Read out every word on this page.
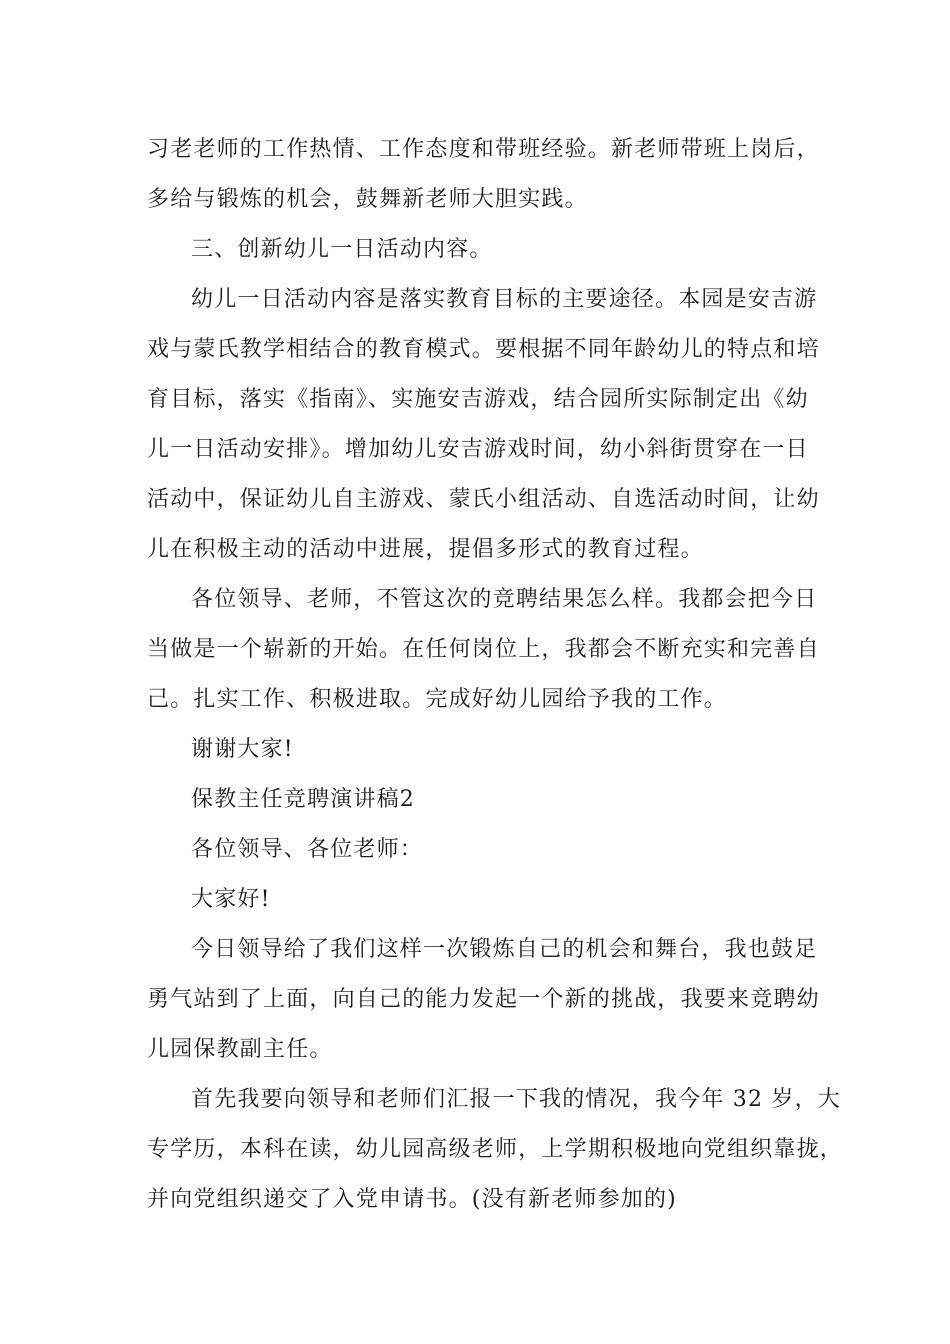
习老老师的工作热情、工作态度和带班经验。新老师带班上岗后，
多给与锻炼的机会，鼓舞新老师大胆实践。
三、创新幼儿一日活动内容。
幼儿一日活动内容是落实教育目标的主要途径。本园是安吉游
戏与蒙氏教学相结合的教育模式。要根据不同年龄幼儿的特点和培
育目标，落实《指南》、实施安吉游戏，结合园所实际制定出《幼
儿一日活动安排》。增加幼儿安吉游戏时间，幼小斜街贯穿在一日
活动中，保证幼儿自主游戏、蒙氏小组活动、自选活动时间，让幼
儿在积极主动的活动中进展，提倡多形式的教育过程。
各位领导、老师，不管这次的竞聘结果怎么样。我都会把今日
当做是一个崭新的开始。在任何岗位上，我都会不断充实和完善自
己。扎实工作、积极进取。完成好幼儿园给予我的工作。
谢谢大家!
保教主任竞聘演讲稿2
各位领导、各位老师：
大家好!
今日领导给了我们这样一次锻炼自己的机会和舞台，我也鼓足
勇气站到了上面，向自己的能力发起一个新的挑战，我要来竞聘幼
儿园保教副主任。
首先我要向领导和老师们汇报一下我的情况，我今年 32 岁，大
专学历，本科在读，幼儿园高级老师，上学期积极地向党组织靠拢，
并向党组织递交了入党申请书。(没有新老师参加的)
